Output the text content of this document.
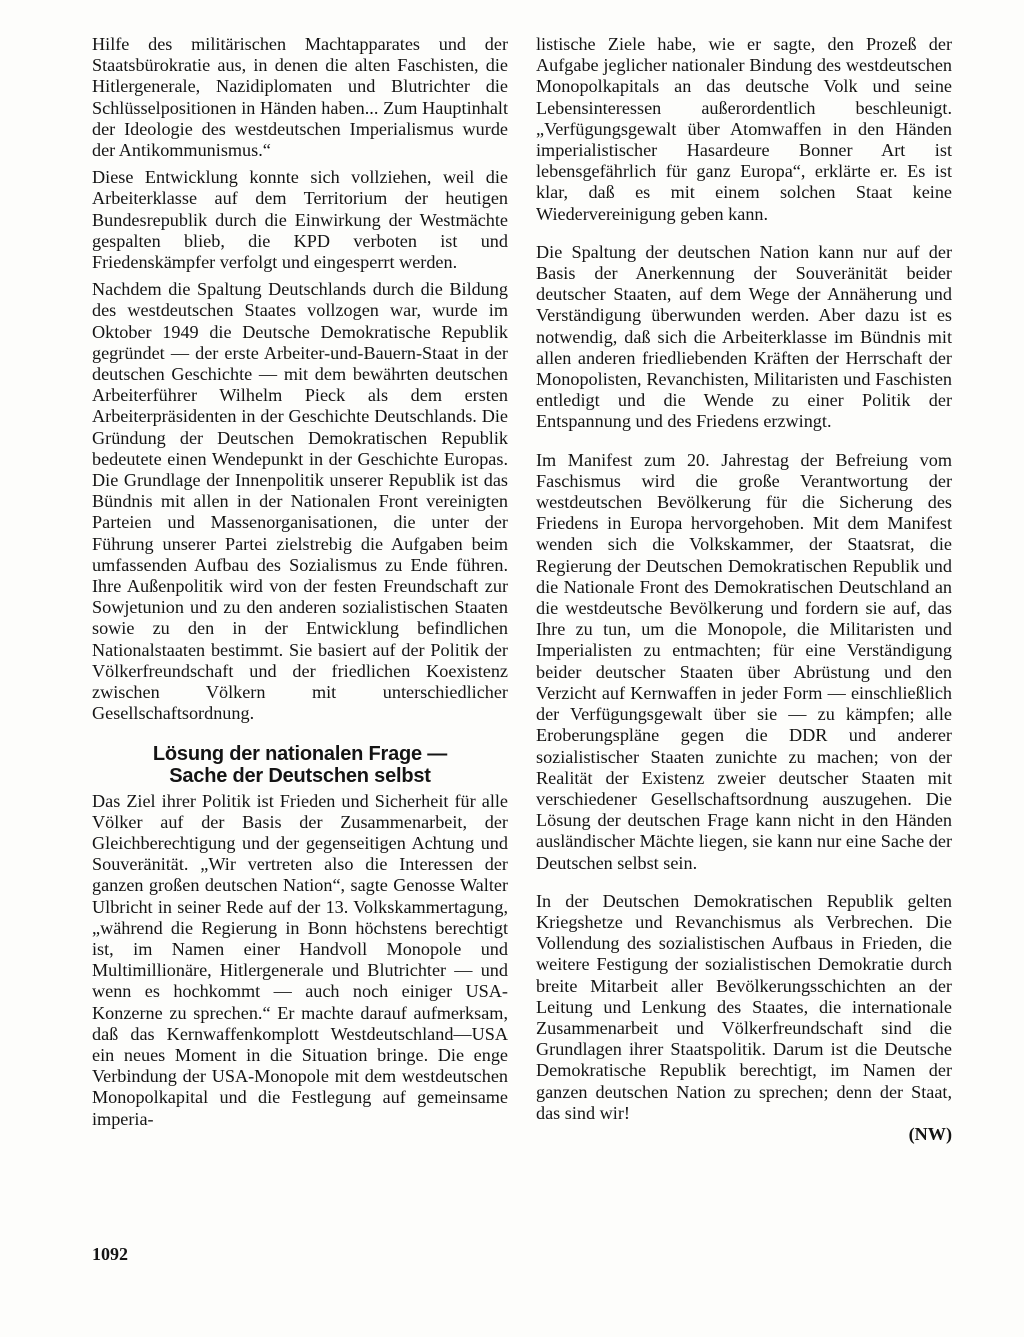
Hilfe des militärischen Machtapparates und der Staatsbürokratie aus, in denen die alten Faschisten, die Hitlergenerale, Nazidiplomaten und Blutrichter die Schlüsselpositionen in Händen haben... Zum Hauptinhalt der Ideologie des westdeutschen Imperialismus wurde der Antikommunismus.“

Diese Entwicklung konnte sich vollziehen, weil die Arbeiterklasse auf dem Territorium der heutigen Bundesrepublik durch die Einwirkung der Westmächte gespalten blieb, die KPD verboten ist und Friedenskämpfer verfolgt und eingesperrt werden.

Nachdem die Spaltung Deutschlands durch die Bildung des westdeutschen Staates vollzogen war, wurde im Oktober 1949 die Deutsche Demokratische Republik gegründet — der erste Arbeiter-und-Bauern-Staat in der deutschen Geschichte — mit dem bewährten deutschen Arbeiterführer Wilhelm Pieck als dem ersten Arbeiterpräsidenten in der Geschichte Deutschlands. Die Gründung der Deutschen Demokratischen Republik bedeutete einen Wendepunkt in der Geschichte Europas. Die Grundlage der Innenpolitik unserer Republik ist das Bündnis mit allen in der Nationalen Front vereinigten Parteien und Massenorganisationen, die unter der Führung unserer Partei zielstrebig die Aufgaben beim umfassenden Aufbau des Sozialismus zu Ende führen. Ihre Außenpolitik wird von der festen Freundschaft zur Sowjetunion und zu den anderen sozialistischen Staaten sowie zu den in der Entwicklung befindlichen Nationalstaaten bestimmt. Sie basiert auf der Politik der Völkerfreundschaft und der friedlichen Koexistenz zwischen Völkern mit unterschiedlicher Gesellschaftsordnung.

Lösung der nationalen Frage —
Sache der Deutschen selbst

Das Ziel ihrer Politik ist Frieden und Sicherheit für alle Völker auf der Basis der Zusammenarbeit, der Gleichberechtigung und der gegenseitigen Achtung und Souveränität. „Wir vertreten also die Interessen der ganzen großen deutschen Nation“, sagte Genosse Walter Ulbricht in seiner Rede auf der 13. Volkskammertagung, „während die Regierung in Bonn höchstens berechtigt ist, im Namen einer Handvoll Monopole und Multimillionäre, Hitlergenerale und Blutrichter — und wenn es hochkommt — auch noch einiger USA-Konzerne zu sprechen.“ Er machte darauf aufmerksam, daß das Kernwaffenkomplott Westdeutschland—USA ein neues Moment in die Situation bringe. Die enge Verbindung der USA-Monopole mit dem westdeutschen Monopolkapital und die Festlegung auf gemeinsame imperia-

listische Ziele habe, wie er sagte, den Prozeß der Aufgabe jeglicher nationaler Bindung des westdeutschen Monopolkapitals an das deutsche Volk und seine Lebensinteressen außerordentlich beschleunigt. „Verfügungsgewalt über Atomwaffen in den Händen imperialistischer Hasardeure Bonner Art ist lebensgefährlich für ganz Europa“, erklärte er. Es ist klar, daß es mit einem solchen Staat keine Wiedervereinigung geben kann.

Die Spaltung der deutschen Nation kann nur auf der Basis der Anerkennung der Souveränität beider deutscher Staaten, auf dem Wege der Annäherung und Verständigung überwunden werden. Aber dazu ist es notwendig, daß sich die Arbeiterklasse im Bündnis mit allen anderen friedliebenden Kräften der Herrschaft der Monopolisten, Revanchisten, Militaristen und Faschisten entledigt und die Wende zu einer Politik der Entspannung und des Friedens erzwingt.

Im Manifest zum 20. Jahrestag der Befreiung vom Faschismus wird die große Verantwortung der westdeutschen Bevölkerung für die Sicherung des Friedens in Europa hervorgehoben. Mit dem Manifest wenden sich die Volkskammer, der Staatsrat, die Regierung der Deutschen Demokratischen Republik und die Nationale Front des Demokratischen Deutschland an die westdeutsche Bevölkerung und fordern sie auf, das Ihre zu tun, um die Monopole, die Militaristen und Imperialisten zu entmachten; für eine Verständigung beider deutscher Staaten über Abrüstung und den Verzicht auf Kernwaffen in jeder Form — einschließlich der Verfügungsgewalt über sie — zu kämpfen; alle Eroberungspläne gegen die DDR und anderer sozialistischer Staaten zunichte zu machen; von der Realität der Existenz zweier deutscher Staaten mit verschiedener Gesellschaftsordnung auszugehen. Die Lösung der deutschen Frage kann nicht in den Händen ausländischer Mächte liegen, sie kann nur eine Sache der Deutschen selbst sein.

In der Deutschen Demokratischen Republik gelten Kriegshetze und Revanchismus als Verbrechen. Die Vollendung des sozialistischen Aufbaus in Frieden, die weitere Festigung der sozialistischen Demokratie durch breite Mitarbeit aller Bevölkerungsschichten an der Leitung und Lenkung des Staates, die internationale Zusammenarbeit und Völkerfreundschaft sind die Grundlagen ihrer Staatspolitik. Darum ist die Deutsche Demokratische Republik berechtigt, im Namen der ganzen deutschen Nation zu sprechen; denn der Staat, das sind wir!

(NW)
1092
